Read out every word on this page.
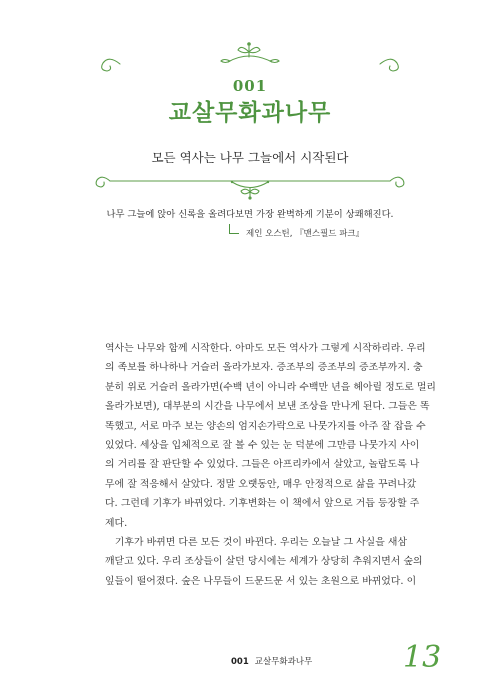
001
교살무화과나무
모든 역사는 나무 그늘에서 시작된다
나무 그늘에 앉아 신록을 올려다보면 가장 완벽하게 기분이 상쾌해진다.
제인 오스틴, 『맨스필드 파크』

역사는 나무와 함께 시작한다. 아마도 모든 역사가 그렇게 시작하리라. 우리

의 족보를 하나하나 거슬러 올라가보자. 증조부의 증조부의 증조부까지. 충

분히 위로 거슬러 올라가면(수백 년이 아니라 수백만 년을 헤아릴 정도로 멀리

올라가보면), 대부분의 시간을 나무에서 보낸 조상을 만나게 된다. 그들은 똑

똑했고, 서로 마주 보는 양손의 엄지손가락으로 나뭇가지를 아주 잘 잡을 수

있었다. 세상을 입체적으로 잘 볼 수 있는 눈 덕분에 그만큼 나뭇가지 사이

의 거리를 잘 판단할 수 있었다. 그들은 아프리카에서 살았고, 놀랍도록 나

무에 잘 적응해서 살았다. 정말 오랫동안, 매우 안정적으로 삶을 꾸려나갔

다. 그런데 기후가 바뀌었다. 기후변화는 이 책에서 앞으로 거듭 등장할 주

제다.

기후가 바뀌면 다른 모든 것이 바뀐다. 우리는 오늘날 그 사실을 새삼

깨닫고 있다. 우리 조상들이 살던 당시에는 세계가 상당히 추워지면서 숲의

잎들이 떨어졌다. 숲은 나무들이 드문드문 서 있는 초원으로 바뀌었다. 이

001 교살무화과나무	13
